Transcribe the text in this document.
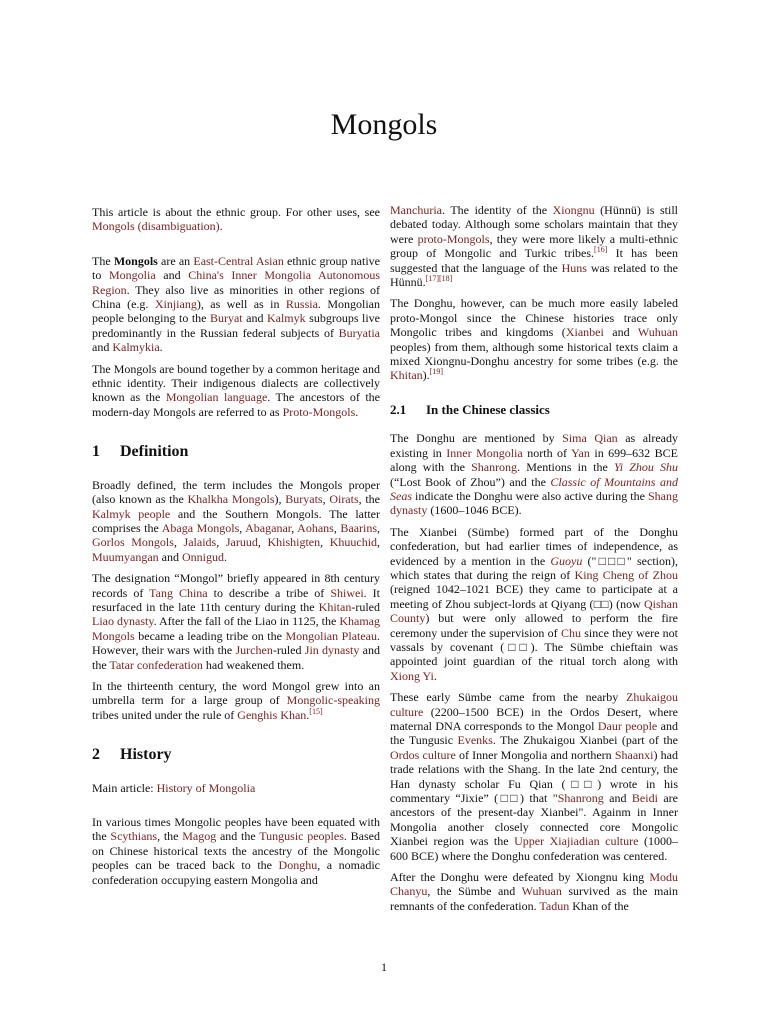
Mongols

This article is about the ethnic group. For other uses, see Mongols (disambiguation).

The Mongols are an East-Central Asian ethnic group native to Mongolia and China's Inner Mongolia Autonomous Region. They also live as minorities in other regions of China (e.g. Xinjiang), as well as in Russia. Mongolian people belonging to the Buryat and Kalmyk subgroups live predominantly in the Russian federal subjects of Buryatia and Kalmykia.

The Mongols are bound together by a common heritage and ethnic identity. Their indigenous dialects are collectively known as the Mongolian language. The ancestors of the modern-day Mongols are referred to as Proto-Mongols.

1 Definition

Broadly defined, the term includes the Mongols proper (also known as the Khalkha Mongols), Buryats, Oirats, the Kalmyk people and the Southern Mongols. The latter comprises the Abaga Mongols, Abaganar, Aohans, Baarins, Gorlos Mongols, Jalaids, Jaruud, Khishigten, Khuuchid, Muumyangan and Onnigud.

The designation “Mongol” briefly appeared in 8th century records of Tang China to describe a tribe of Shiwei. It resurfaced in the late 11th century during the Khitan-ruled Liao dynasty. After the fall of the Liao in 1125, the Khamag Mongols became a leading tribe on the Mongolian Plateau. However, their wars with the Jurchen-ruled Jin dynasty and the Tatar confederation had weakened them.

In the thirteenth century, the word Mongol grew into an umbrella term for a large group of Mongolic-speaking tribes united under the rule of Genghis Khan.[15]

2 History

Main article: History of Mongolia

In various times Mongolic peoples have been equated with the Scythians, the Magog and the Tungusic peoples. Based on Chinese historical texts the ancestry of the Mongolic peoples can be traced back to the Donghu, a nomadic confederation occupying eastern Mongolia and

Manchuria. The identity of the Xiongnu (Hünnü) is still debated today. Although some scholars maintain that they were proto-Mongols, they were more likely a multi-ethnic group of Mongolic and Turkic tribes.[16] It has been suggested that the language of the Huns was related to the Hünnü.[17][18]

The Donghu, however, can be much more easily labeled proto-Mongol since the Chinese histories trace only Mongolic tribes and kingdoms (Xianbei and Wuhuan peoples) from them, although some historical texts claim a mixed Xiongnu-Donghu ancestry for some tribes (e.g. the Khitan).[19]

2.1 In the Chinese classics

The Donghu are mentioned by Sima Qian as already existing in Inner Mongolia north of Yan in 699–632 BCE along with the Shanrong. Mentions in the Yi Zhou Shu (“Lost Book of Zhou”) and the Classic of Mountains and Seas indicate the Donghu were also active during the Shang dynasty (1600–1046 BCE).

The Xianbei (Sümbe) formed part of the Donghu confederation, but had earlier times of independence, as evidenced by a mention in the Guoyu ("□□□" section), which states that during the reign of King Cheng of Zhou (reigned 1042–1021 BCE) they came to participate at a meeting of Zhou subject-lords at Qiyang (□□) (now Qishan County) but were only allowed to perform the fire ceremony under the supervision of Chu since they were not vassals by covenant (□□). The Sümbe chieftain was appointed joint guardian of the ritual torch along with Xiong Yi.

These early Sümbe came from the nearby Zhukaigou culture (2200–1500 BCE) in the Ordos Desert, where maternal DNA corresponds to the Mongol Daur people and the Tungusic Evenks. The Zhukaigou Xianbei (part of the Ordos culture of Inner Mongolia and northern Shaanxi) had trade relations with the Shang. In the late 2nd century, the Han dynasty scholar Fu Qian (□□) wrote in his commentary “Jixie” (□□) that "Shanrong and Beidi are ancestors of the present-day Xianbei". Againm in Inner Mongolia another closely connected core Mongolic Xianbei region was the Upper Xiajiadian culture (1000–600 BCE) where the Donghu confederation was centered.

After the Donghu were defeated by Xiongnu king Modu Chanyu, the Sümbe and Wuhuan survived as the main remnants of the confederation. Tadun Khan of the

1
